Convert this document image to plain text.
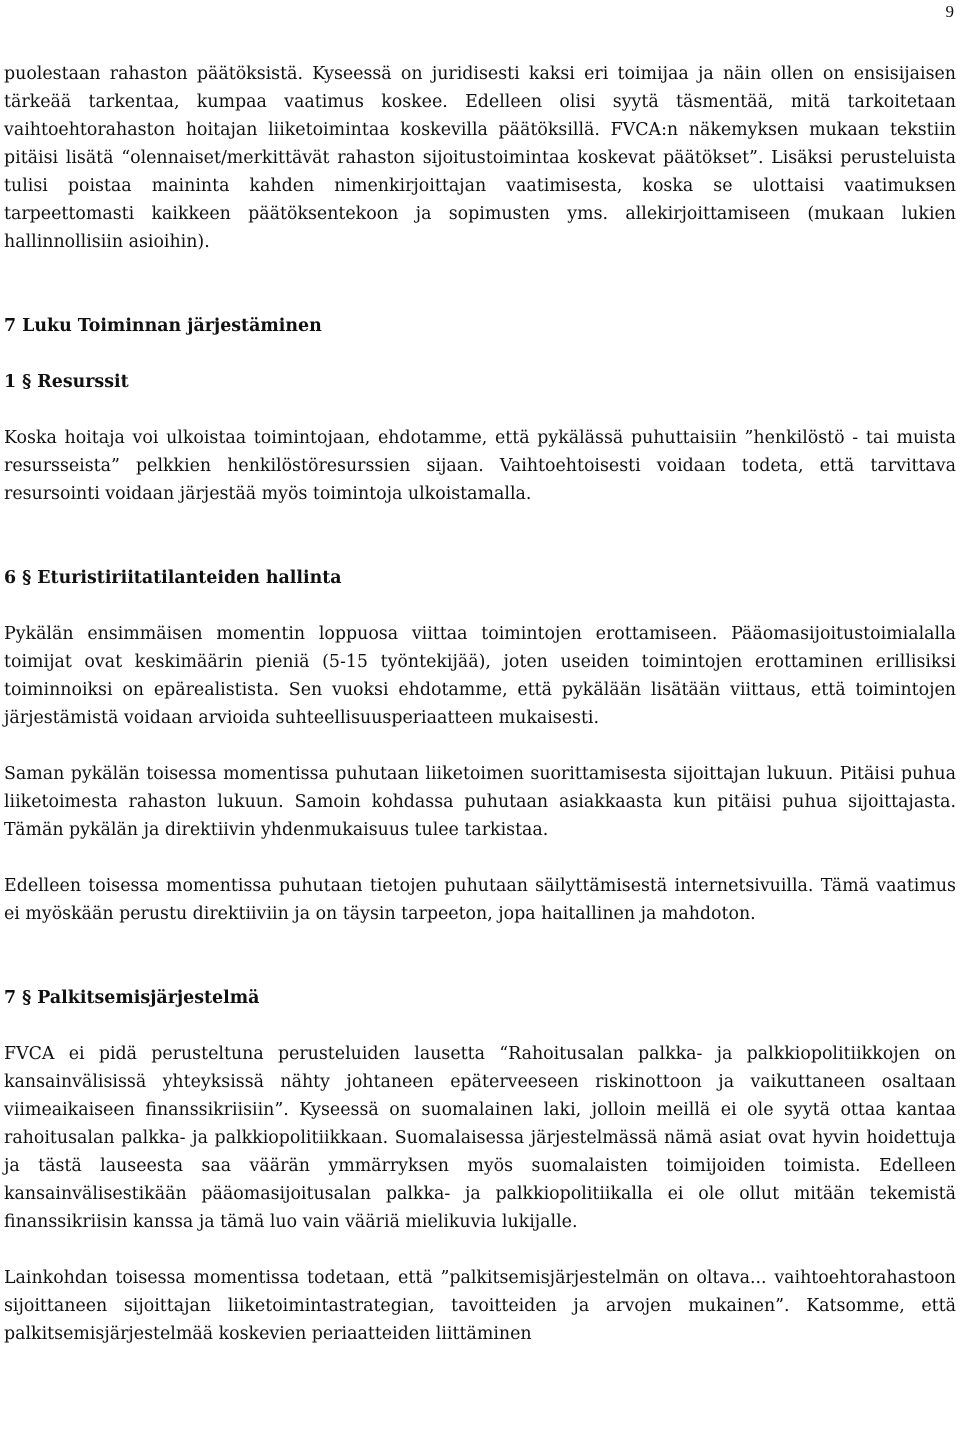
9

puolestaan rahaston päätöksistä. Kyseessä on juridisesti kaksi eri toimijaa ja näin ollen on ensisijaisen tärkeää tarkentaa, kumpaa vaatimus koskee. Edelleen olisi syytä täsmentää, mitä tarkoitetaan vaihtoehtorahaston hoitajan liiketoimintaa koskevilla päätöksillä. FVCA:n näkemyksen mukaan tekstiin pitäisi lisätä “olennaiset/merkittävät rahaston sijoitustoimintaa koskevat päätökset”. Lisäksi perusteluista tulisi poistaa maininta kahden nimenkirjoittajan vaatimisesta, koska se ulottaisi vaatimuksen tarpeettomasti kaikkeen päätöksentekoon ja sopimusten yms. allekirjoittamiseen (mukaan lukien hallinnollisiin asioihin).

7 Luku Toiminnan järjestäminen
1 § Resurssit

Koska hoitaja voi ulkoistaa toimintojaan, ehdotamme, että pykälässä puhuttaisiin ”henkilöstö - tai muista resursseista” pelkkien henkilöstöresurssien sijaan. Vaihtoehtoisesti voidaan todeta, että tarvittava resursointi voidaan järjestää myös toimintoja ulkoistamalla.

6 § Eturistiriitatilanteiden hallinta

Pykälän ensimmäisen momentin loppuosa viittaa toimintojen erottamiseen. Pääomasijoitustoimialalla toimijat ovat keskimäärin pieniä (5-15 työntekijää), joten useiden toimintojen erottaminen erillisiksi toiminnoiksi on epärealistista. Sen vuoksi ehdotamme, että pykälään lisätään viittaus, että toimintojen järjestämistä voidaan arvioida suhteellisuusperiaatteen mukaisesti.

Saman pykälän toisessa momentissa puhutaan liiketoimen suorittamisesta sijoittajan lukuun. Pitäisi puhua liiketoimesta rahaston lukuun. Samoin kohdassa puhutaan asiakkaasta kun pitäisi puhua sijoittajasta. Tämän pykälän ja direktiivin yhdenmukaisuus tulee tarkistaa.

Edelleen toisessa momentissa puhutaan tietojen puhutaan säilyttämisestä internetsivuilla. Tämä vaatimus ei myöskään perustu direktiiviin ja on täysin tarpeeton, jopa haitallinen ja mahdoton.

7 § Palkitsemisjärjestelmä

FVCA ei pidä perusteltuna perusteluiden lausetta “Rahoitusalan palkka- ja palkkiopolitiikkojen on kansainvälisissä yhteyksissä nähty johtaneen epäterveeseen riskinottoon ja vaikuttaneen osaltaan viimeaikaiseen finanssikriisiin”. Kyseessä on suomalainen laki, jolloin meillä ei ole syytä ottaa kantaa rahoitusalan palkka- ja palkkiopolitiikkaan. Suomalaisessa järjestelmässä nämä asiat ovat hyvin hoidettuja ja tästä lauseesta saa väärän ymmärryksen myös suomalaisten toimijoiden toimista. Edelleen kansainvälisestikään pääomasijoitusalan palkka- ja palkkiopolitiikalla ei ole ollut mitään tekemistä finanssikriisin kanssa ja tämä luo vain vääriä mielikuvia lukijalle.

Lainkohdan toisessa momentissa todetaan, että ”palkitsemisjärjestelmän on oltava... vaihtoehtorahastoon sijoittaneen sijoittajan liiketoimintastrategian, tavoitteiden ja arvojen mukainen”. Katsomme, että palkitsemisjärjestelmää koskevien periaatteiden liittäminen
